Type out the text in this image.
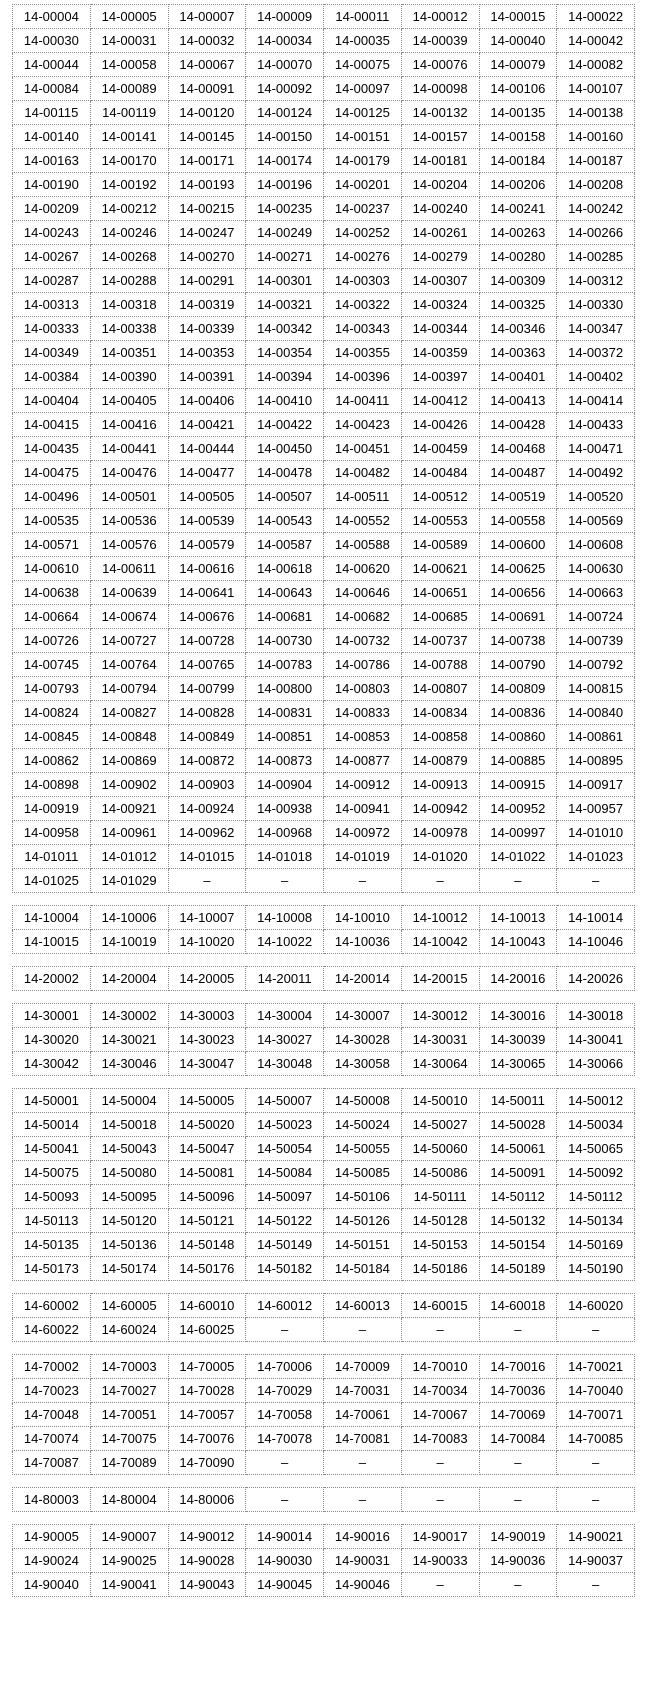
14-00004	14-00005	14-00007	14-00009	14-00011	14-00012	14-00015	14-00022
14-00030	14-00031	14-00032	14-00034	14-00035	14-00039	14-00040	14-00042
14-00044	14-00058	14-00067	14-00070	14-00075	14-00076	14-00079	14-00082
14-00084	14-00089	14-00091	14-00092	14-00097	14-00098	14-00106	14-00107
14-00115	14-00119	14-00120	14-00124	14-00125	14-00132	14-00135	14-00138
14-00140	14-00141	14-00145	14-00150	14-00151	14-00157	14-00158	14-00160
14-00163	14-00170	14-00171	14-00174	14-00179	14-00181	14-00184	14-00187
14-00190	14-00192	14-00193	14-00196	14-00201	14-00204	14-00206	14-00208
14-00209	14-00212	14-00215	14-00235	14-00237	14-00240	14-00241	14-00242
14-00243	14-00246	14-00247	14-00249	14-00252	14-00261	14-00263	14-00266
14-00267	14-00268	14-00270	14-00271	14-00276	14-00279	14-00280	14-00285
14-00287	14-00288	14-00291	14-00301	14-00303	14-00307	14-00309	14-00312
14-00313	14-00318	14-00319	14-00321	14-00322	14-00324	14-00325	14-00330
14-00333	14-00338	14-00339	14-00342	14-00343	14-00344	14-00346	14-00347
14-00349	14-00351	14-00353	14-00354	14-00355	14-00359	14-00363	14-00372
14-00384	14-00390	14-00391	14-00394	14-00396	14-00397	14-00401	14-00402
14-00404	14-00405	14-00406	14-00410	14-00411	14-00412	14-00413	14-00414
14-00415	14-00416	14-00421	14-00422	14-00423	14-00426	14-00428	14-00433
14-00435	14-00441	14-00444	14-00450	14-00451	14-00459	14-00468	14-00471
14-00475	14-00476	14-00477	14-00478	14-00482	14-00484	14-00487	14-00492
14-00496	14-00501	14-00505	14-00507	14-00511	14-00512	14-00519	14-00520
14-00535	14-00536	14-00539	14-00543	14-00552	14-00553	14-00558	14-00569
14-00571	14-00576	14-00579	14-00587	14-00588	14-00589	14-00600	14-00608
14-00610	14-00611	14-00616	14-00618	14-00620	14-00621	14-00625	14-00630
14-00638	14-00639	14-00641	14-00643	14-00646	14-00651	14-00656	14-00663
14-00664	14-00674	14-00676	14-00681	14-00682	14-00685	14-00691	14-00724
14-00726	14-00727	14-00728	14-00730	14-00732	14-00737	14-00738	14-00739
14-00745	14-00764	14-00765	14-00783	14-00786	14-00788	14-00790	14-00792
14-00793	14-00794	14-00799	14-00800	14-00803	14-00807	14-00809	14-00815
14-00824	14-00827	14-00828	14-00831	14-00833	14-00834	14-00836	14-00840
14-00845	14-00848	14-00849	14-00851	14-00853	14-00858	14-00860	14-00861
14-00862	14-00869	14-00872	14-00873	14-00877	14-00879	14-00885	14-00895
14-00898	14-00902	14-00903	14-00904	14-00912	14-00913	14-00915	14-00917
14-00919	14-00921	14-00924	14-00938	14-00941	14-00942	14-00952	14-00957
14-00958	14-00961	14-00962	14-00968	14-00972	14-00978	14-00997	14-01010
14-01011	14-01012	14-01015	14-01018	14-01019	14-01020	14-01022	14-01023
14-01025	14-01029	–	–	–	–	–	–
14-10004	14-10006	14-10007	14-10008	14-10010	14-10012	14-10013	14-10014
14-10015	14-10019	14-10020	14-10022	14-10036	14-10042	14-10043	14-10046
14-20002	14-20004	14-20005	14-20011	14-20014	14-20015	14-20016	14-20026
14-30001	14-30002	14-30003	14-30004	14-30007	14-30012	14-30016	14-30018
14-30020	14-30021	14-30023	14-30027	14-30028	14-30031	14-30039	14-30041
14-30042	14-30046	14-30047	14-30048	14-30058	14-30064	14-30065	14-30066
14-50001	14-50004	14-50005	14-50007	14-50008	14-50010	14-50011	14-50012
14-50014	14-50018	14-50020	14-50023	14-50024	14-50027	14-50028	14-50034
14-50041	14-50043	14-50047	14-50054	14-50055	14-50060	14-50061	14-50065
14-50075	14-50080	14-50081	14-50084	14-50085	14-50086	14-50091	14-50092
14-50093	14-50095	14-50096	14-50097	14-50106	14-50111	14-50112	14-50112
14-50113	14-50120	14-50121	14-50122	14-50126	14-50128	14-50132	14-50134
14-50135	14-50136	14-50148	14-50149	14-50151	14-50153	14-50154	14-50169
14-50173	14-50174	14-50176	14-50182	14-50184	14-50186	14-50189	14-50190
14-60002	14-60005	14-60010	14-60012	14-60013	14-60015	14-60018	14-60020
14-60022	14-60024	14-60025	–	–	–	–	–
14-70002	14-70003	14-70005	14-70006	14-70009	14-70010	14-70016	14-70021
14-70023	14-70027	14-70028	14-70029	14-70031	14-70034	14-70036	14-70040
14-70048	14-70051	14-70057	14-70058	14-70061	14-70067	14-70069	14-70071
14-70074	14-70075	14-70076	14-70078	14-70081	14-70083	14-70084	14-70085
14-70087	14-70089	14-70090	–	–	–	–	–
14-80003	14-80004	14-80006	–	–	–	–	–
14-90005	14-90007	14-90012	14-90014	14-90016	14-90017	14-90019	14-90021
14-90024	14-90025	14-90028	14-90030	14-90031	14-90033	14-90036	14-90037
14-90040	14-90041	14-90043	14-90045	14-90046	–	–	–
